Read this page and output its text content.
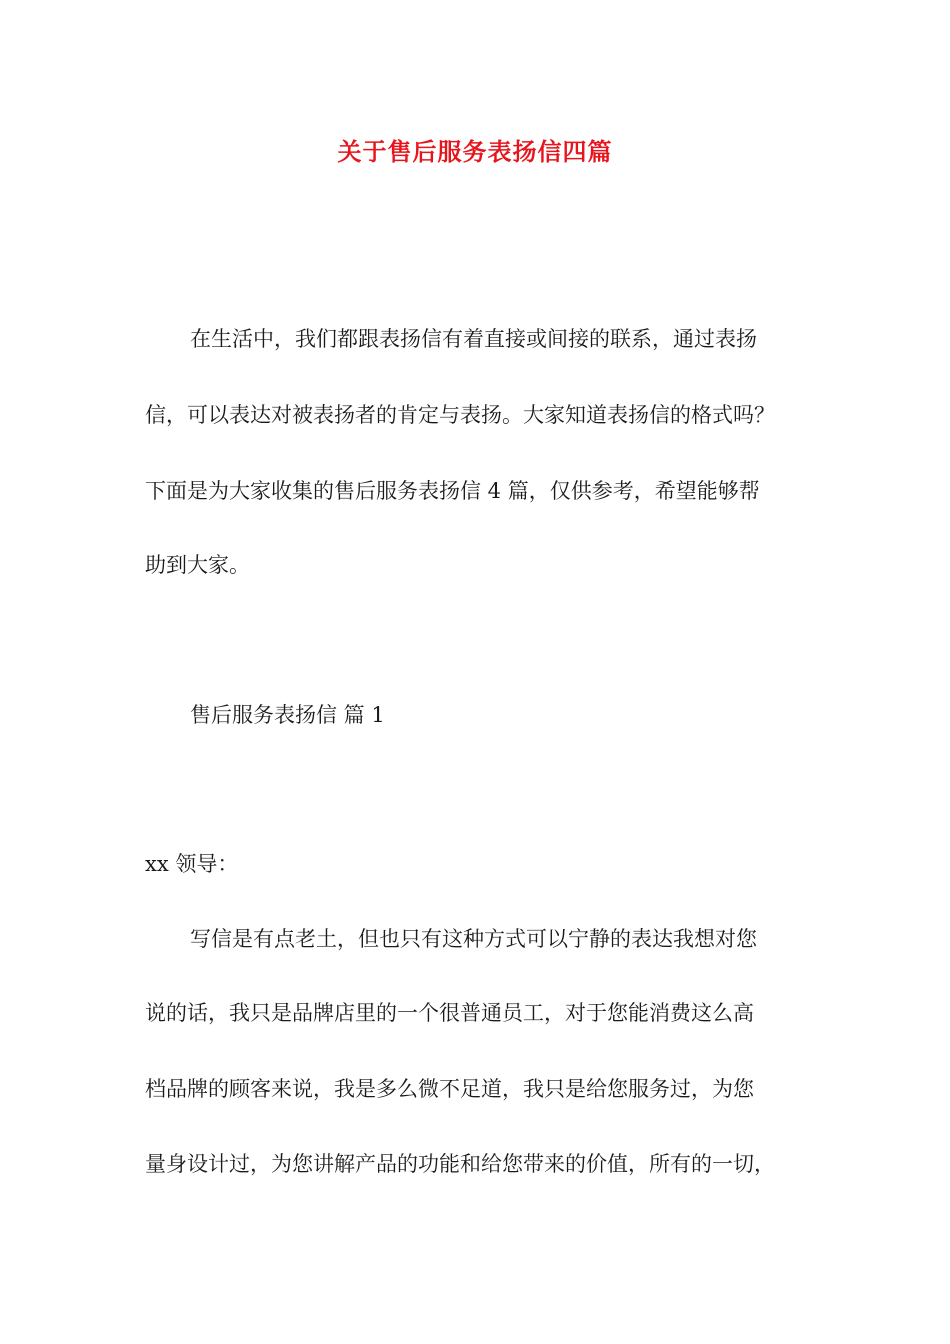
关于售后服务表扬信四篇
在生活中，我们都跟表扬信有着直接或间接的联系，通过表扬
信，可以表达对被表扬者的肯定与表扬。大家知道表扬信的格式吗？
下面是为大家收集的售后服务表扬信 4 篇，仅供参考，希望能够帮
助到大家。
售后服务表扬信 篇 1
xx 领导：
写信是有点老土，但也只有这种方式可以宁静的表达我想对您
说的话，我只是品牌店里的一个很普通员工，对于您能消费这么高
档品牌的顾客来说，我是多么微不足道，我只是给您服务过，为您
量身设计过，为您讲解产品的功能和给您带来的价值，所有的一切，
